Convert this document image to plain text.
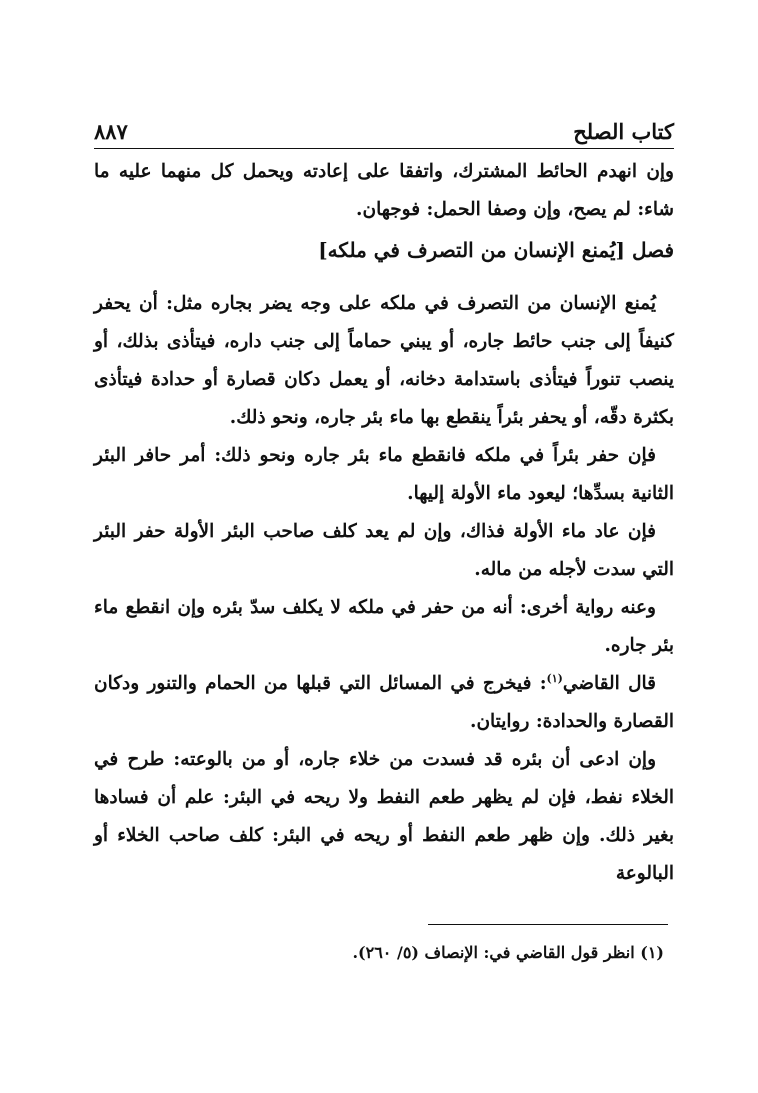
كتاب الصلح
٨٨٧

وإن انهدم الحائط المشترك، واتفقا على إعادته ويحمل كل منهما عليه ما شاء: لم يصح، وإن وصفا الحمل: فوجهان.

فصل [يُمنع الإنسان من التصرف في ملكه]

يُمنع الإنسان من التصرف في ملكه على وجه يضر بجاره مثل: أن يحفر كنيفاً إلى جنب حائط جاره، أو يبني حماماً إلى جنب داره، فيتأذى بذلك، أو ينصب تنوراً فيتأذى باستدامة دخانه، أو يعمل دكان قصارة أو حدادة فيتأذى بكثرة دقّه، أو يحفر بئراً ينقطع بها ماء بئر جاره، ونحو ذلك.

فإن حفر بئراً في ملكه فانقطع ماء بئر جاره ونحو ذلك: أمر حافر البئر الثانية بسدِّها؛ ليعود ماء الأولة إليها.

فإن عاد ماء الأولة فذاك، وإن لم يعد كلف صاحب البئر الأولة حفر البئر التي سدت لأجله من ماله.

وعنه رواية أخرى: أنه من حفر في ملكه لا يكلف سدّ بئره وإن انقطع ماء بئر جاره.

قال القاضي$^{(١)}$: فيخرج في المسائل التي قبلها من الحمام والتنور ودكان القصارة والحدادة: روايتان.

وإن ادعى أن بئره قد فسدت من خلاء جاره، أو من بالوعته: طرح في الخلاء نفط، فإن لم يظهر طعم النفط ولا ريحه في البئر: علم أن فسادها بغير ذلك. وإن ظهر طعم النفط أو ريحه في البئر: كلف صاحب الخلاء أو البالوعة

(١) انظر قول القاضي في: الإنصاف (٥/ ٢٦٠).
